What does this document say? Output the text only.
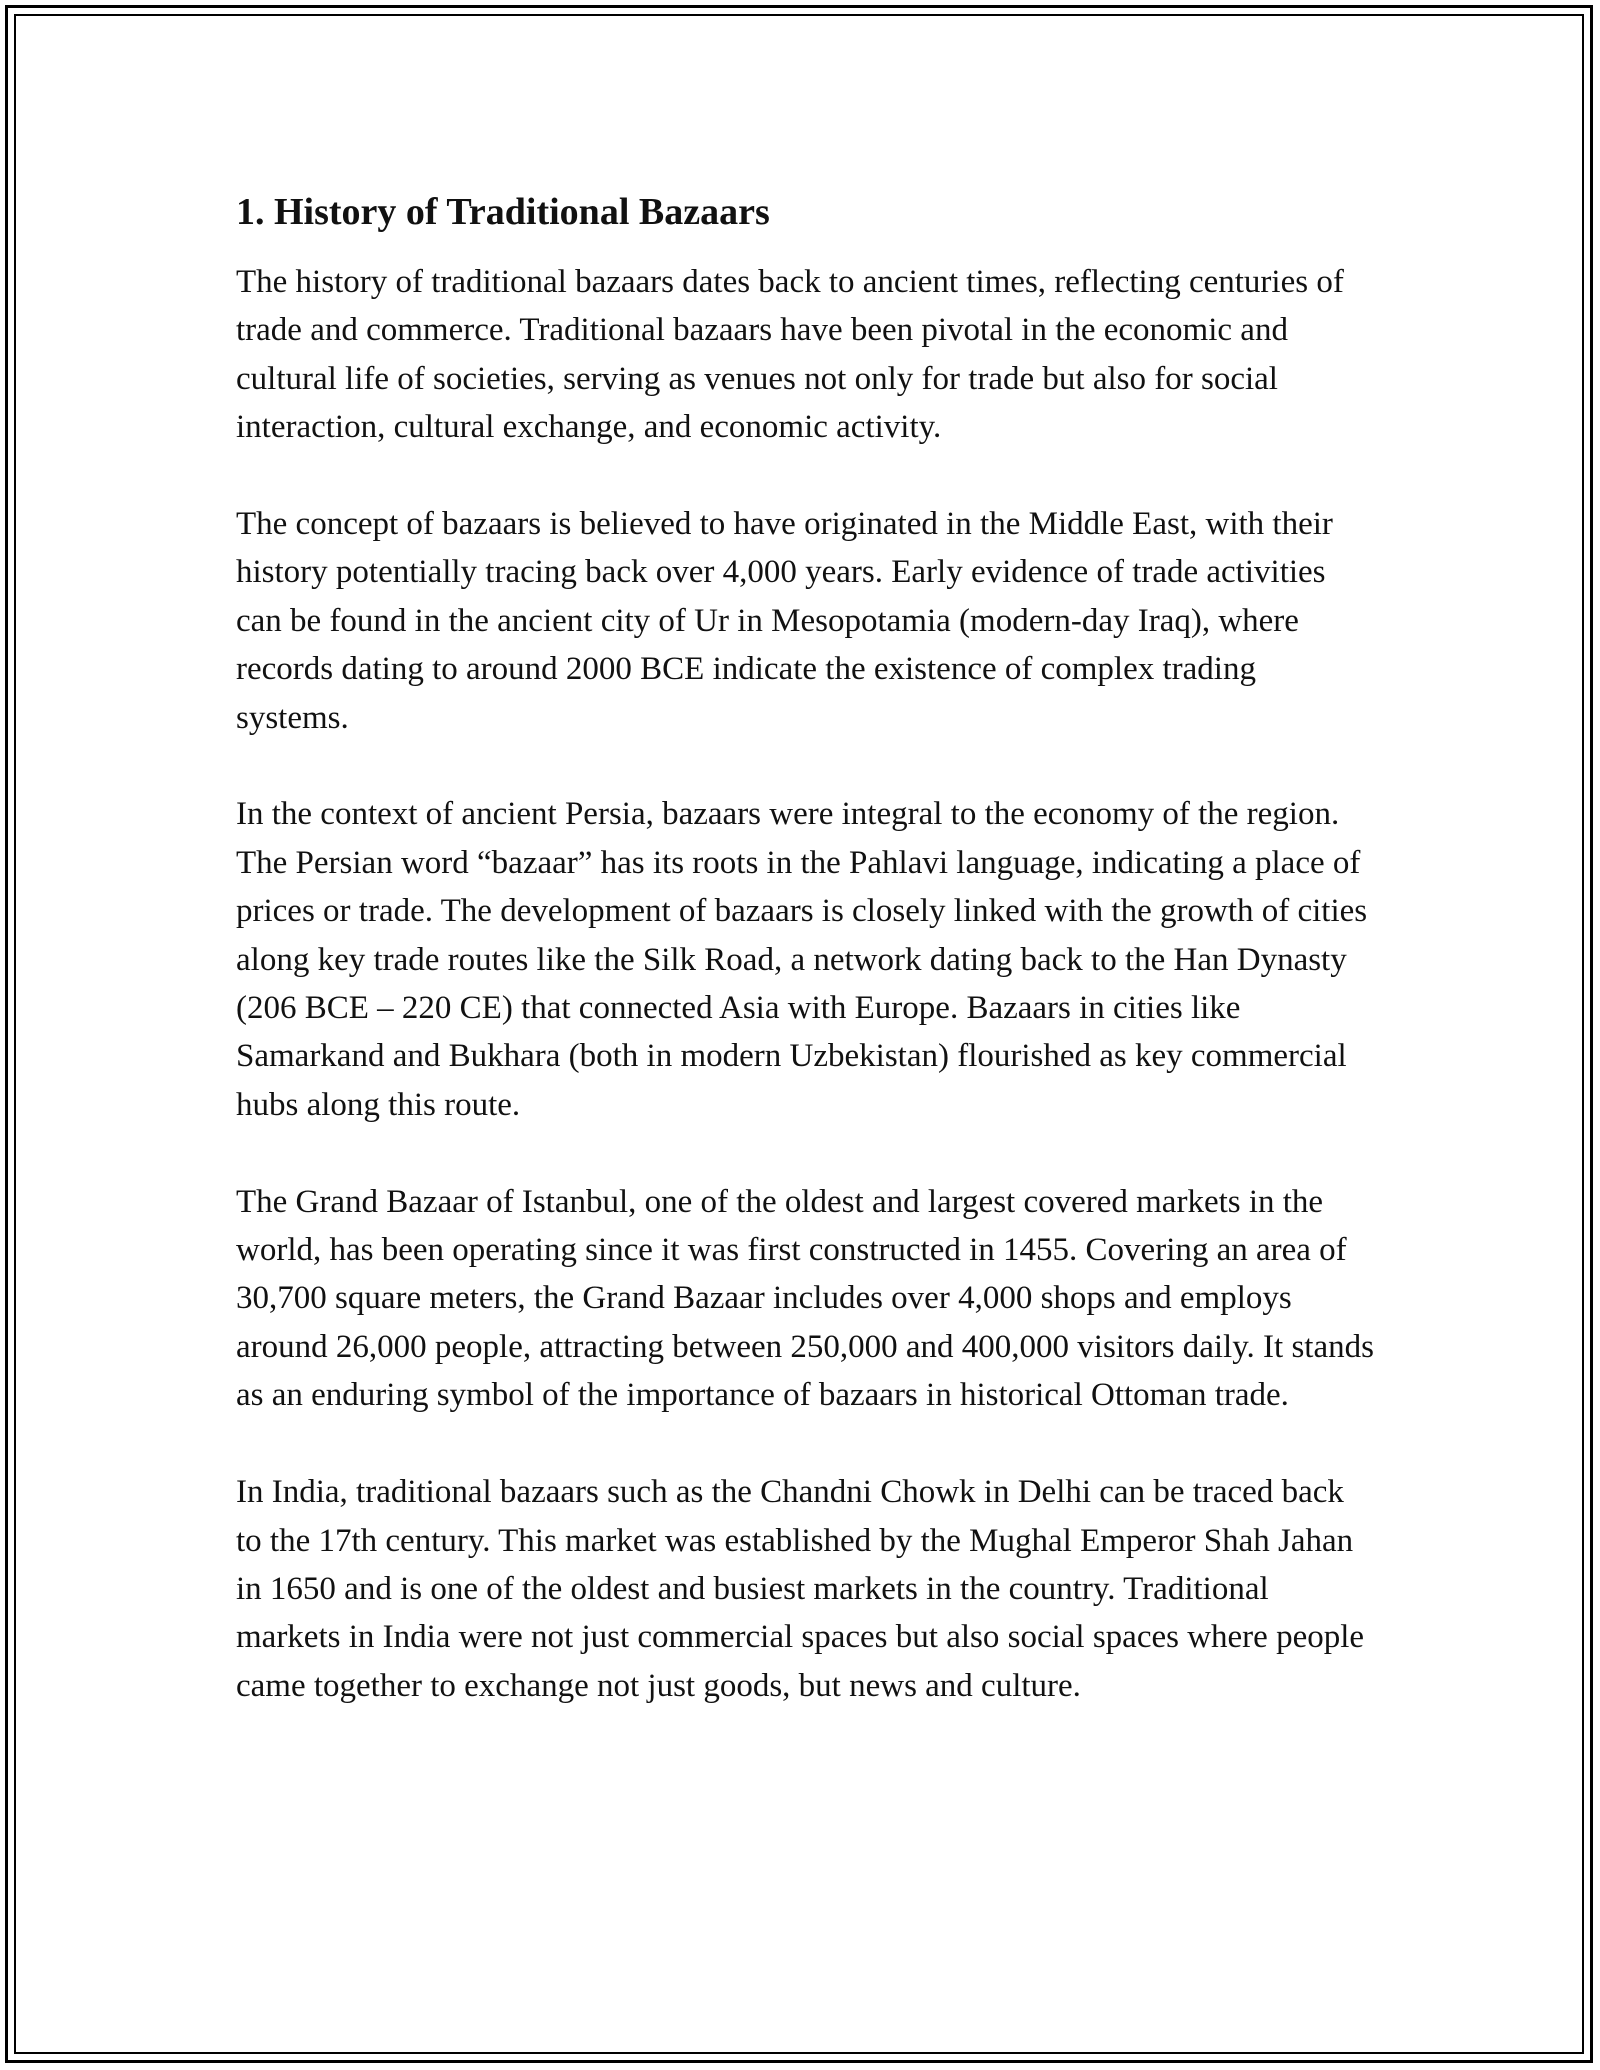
1. History of Traditional Bazaars

The history of traditional bazaars dates back to ancient times, reflecting centuries of trade and commerce. Traditional bazaars have been pivotal in the economic and cultural life of societies, serving as venues not only for trade but also for social interaction, cultural exchange, and economic activity.

The concept of bazaars is believed to have originated in the Middle East, with their history potentially tracing back over 4,000 years. Early evidence of trade activities can be found in the ancient city of Ur in Mesopotamia (modern-day Iraq), where records dating to around 2000 BCE indicate the existence of complex trading systems.

In the context of ancient Persia, bazaars were integral to the economy of the region. The Persian word “bazaar” has its roots in the Pahlavi language, indicating a place of prices or trade. The development of bazaars is closely linked with the growth of cities along key trade routes like the Silk Road, a network dating back to the Han Dynasty (206 BCE – 220 CE) that connected Asia with Europe. Bazaars in cities like Samarkand and Bukhara (both in modern Uzbekistan) flourished as key commercial hubs along this route.

The Grand Bazaar of Istanbul, one of the oldest and largest covered markets in the world, has been operating since it was first constructed in 1455. Covering an area of 30,700 square meters, the Grand Bazaar includes over 4,000 shops and employs around 26,000 people, attracting between 250,000 and 400,000 visitors daily. It stands as an enduring symbol of the importance of bazaars in historical Ottoman trade.

In India, traditional bazaars such as the Chandni Chowk in Delhi can be traced back to the 17th century. This market was established by the Mughal Emperor Shah Jahan in 1650 and is one of the oldest and busiest markets in the country. Traditional markets in India were not just commercial spaces but also social spaces where people came together to exchange not just goods, but news and culture.
